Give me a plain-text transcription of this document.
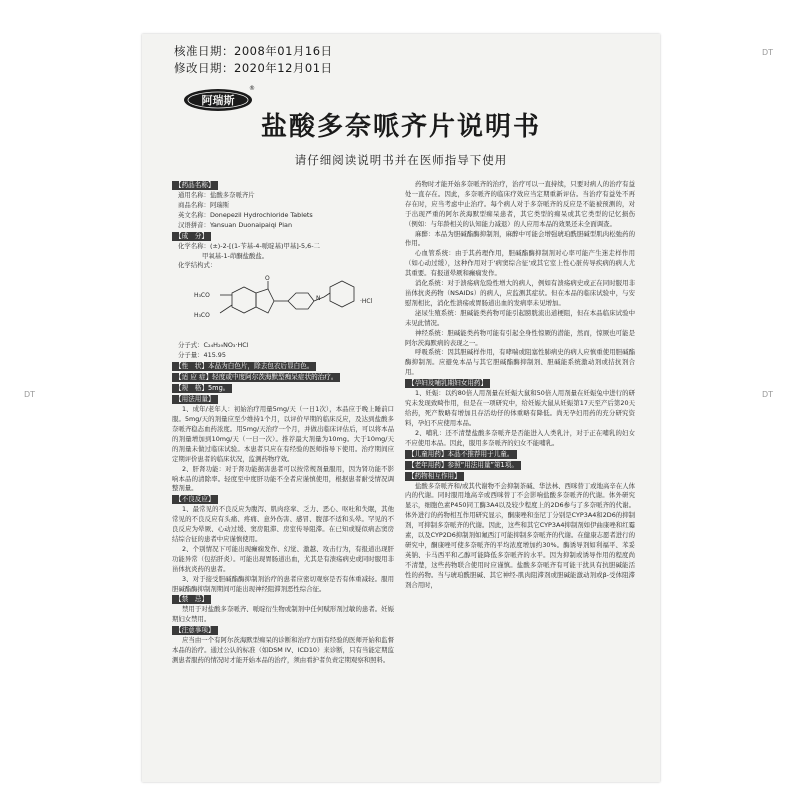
DT
DT	DT
核准日期：2008年01月16日
修改日期：2020年12月01日
阿瑞斯
®
盐酸多奈哌齐片说明书
请仔细阅读说明书并在医师指导下使用
【药品名称】
通用名称：盐酸多奈哌齐片
商品名称：阿瑞斯
英文名称：Donepezil Hydrochloride Tablets
汉语拼音：Yansuan Duonaipaiqi Pian
【成　分】
化学名称：(±)-2-[(1-苄基-4-哌啶基)甲基]-5,6-二
甲氧基-1-茚酮盐酸盐。
化学结构式：
H₃CO
H₃CO
O
N	·HCl
分子式：C₂₄H₂₉NO₃·HCl
分子量：415.95
【性　状】本品为白色片，除去包衣后显白色。
【适 应 症】轻度或中度阿尔茨海默型痴呆症状的治疗。
【规　格】5mg。
【用法用量】
1、成年/老年人：初始治疗用量5mg/天（一日1次），本品应于晚上睡前口服。5mg/天的剂量应至少维持1个月，以评价早期的临床反应，及达到盐酸多奈哌齐稳态血药浓度。用5mg/天治疗一个月，并做出临床评估后，可以将本品的剂量增加到10mg/天（一日一次）。推荐最大剂量为10mg。大于10mg/天的剂量未做过临床试验。本患者只应在有经验的医师指导下使用。治疗期间应定期评价患者的临床状况，监测药物疗效。
2、肝肾功能：对于肾功能损害患者可以按常规剂量服用，因为肾功能不影响本品的清除率。轻度至中度肝功能不全者应谨慎使用，根据患者耐受情况调整剂量。
【不良反应】
1、最常见的不良反应为腹泻、肌肉痉挛、乏力、恶心、呕吐和失眠，其他常见的不良反应有头痛、疼痛、意外伤害、感冒、腹部不适和头晕。罕见的不良反应为晕厥、心动过缓、窦房阻滞、房室传导阻滞。在已知或疑似病态窦房结综合征的患者中应谨慎使用。
2、个别情况下可能出现癫痫发作、幻觉、激越、攻击行为，有报道出现肝功能异常（包括肝炎）。可能出现胃肠道出血，尤其是有溃疡病史或同时服用非甾体抗炎药的患者。
3、对于接受胆碱酯酶抑制剂治疗的患者应密切观察是否有体重减轻。服用胆碱酯酶抑制剂期间可能出现神经阻滞剂恶性综合征。
【禁　忌】
禁用于对盐酸多奈哌齐、哌啶衍生物或制剂中任何赋形剂过敏的患者。妊娠期妇女禁用。
【注意事项】
应当由一个有阿尔茨海默型痴呆的诊断和治疗方面有经验的医师开始和监督本品的治疗。通过公认的标准（如DSM IV、ICD10）来诊断，只有当能定期监测患者服药的情况时才能开始本品的治疗，须由看护者负责定期观察和照料。
药物时才能开始多奈哌齐的治疗，治疗可以一直持续，只要对病人的治疗有益处一直存在。因此，多奈哌齐的临床疗效应当定期重新评估。当治疗有益处不再存在时，应当考虑中止治疗。每个病人对于多奈哌齐的反应是不能被预测的，对于出现严重的阿尔茨海默型痴呆患者，其它类型的痴呆或其它类型的记忆损伤（例如：与年龄相关的认知能力减退）的人应用本品的效果还未全面调查。
麻醉：本品为胆碱酯酶抑制剂，麻醉中可能会增强琥珀酰胆碱型肌肉松弛药的作用。
心血管系统：由于其药理作用，胆碱酯酶抑制剂对心率可能产生迷走样作用（如心动过缓），这种作用对于'病窦综合征'或其它室上性心脏传导疾病的病人尤其重要。有报道晕厥和癫痫发作。
消化系统：对于溃疡病危险性增大的病人，例如有溃疡病史或正在同时服用非甾体抗炎药物（NSAIDs）的病人，应监测其症状。但在本品的临床试验中，与安慰剂相比，消化性溃疡或胃肠道出血的发病率未见增加。
泌尿生殖系统：胆碱能类药物可能引起膀胱流出道梗阻，但在本品临床试验中未见此情况。
神经系统：胆碱能类药物可能有引起全身性惊厥的潜能，然而，惊厥也可能是阿尔茨海默病的表现之一。
呼吸系统：因其胆碱样作用，有哮喘或阻塞性肺病史的病人应慎重使用胆碱酯酶抑制剂。应避免本品与其它胆碱酯酶抑制剂、胆碱能系统激动剂或拮抗剂合用。
【孕妇及哺乳期妇女用药】
1、妊娠：以约80倍人用剂量在妊娠大鼠和50倍人用剂量在妊娠兔中进行的研究未发现致畸作用，但是在一项研究中，给妊娠大鼠从妊娠第17天至产后第20天给药，死产数略有增加且存活幼仔的体重略有降低。尚无孕妇用药的充分研究资料，孕妇不应使用本品。
2、哺乳：还不清楚盐酸多奈哌齐是否能进入人类乳汁，对于正在哺乳的妇女不应使用本品。因此，服用多奈哌齐的妇女不能哺乳。
【儿童用药】本品不推荐用于儿童。
【老年用药】参照“用法用量”第1项。
【药物相互作用】
盐酸多奈哌齐和/或其代谢物不会抑制茶碱、华法林、西咪替丁或地高辛在人体内的代谢。同时服用地高辛或西咪替丁不会影响盐酸多奈哌齐的代谢。体外研究显示，细胞色素P450同工酶3A4以及较少程度上的2D6参与了多奈哌齐的代谢。体外进行的药物相互作用研究显示，酮康唑和奎尼丁分别是CYP3A4和2D6的抑制剂，可抑制多奈哌齐的代谢。因此，这些和其它CYP3A4抑制剂如伊曲康唑和红霉素，以及CYP2D6抑制剂如氟西汀可能抑制多奈哌齐的代谢。在健康志愿者进行的研究中，酮康唑可使多奈哌齐的平均浓度增加约30%。酶诱导剂如利福平、苯妥英钠、卡马西平和乙醇可能降低多奈哌齐的水平。因为抑制或诱导作用的程度尚不清楚，这些药物联合使用时应谨慎。盐酸多奈哌齐有可能干扰具有抗胆碱能活性的药物。当与琥珀酰胆碱、其它神经-肌肉阻滞剂或胆碱能激动剂或β-受体阻滞剂合用时，
